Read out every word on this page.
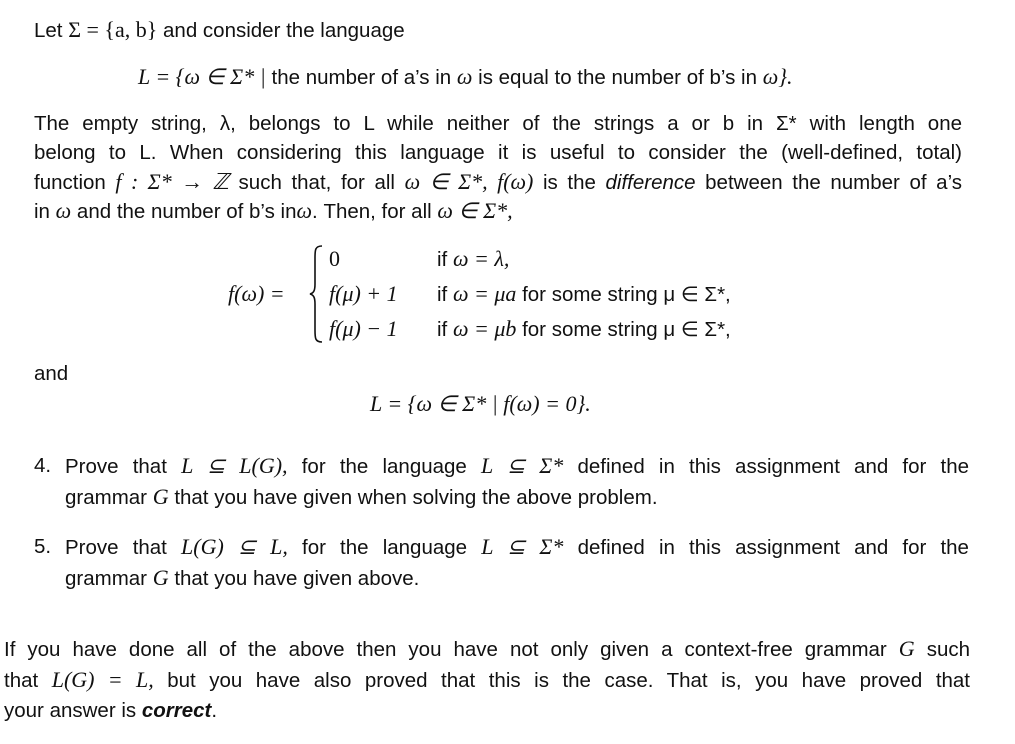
Let Σ = {a, b} and consider the language
L = {ω ∈ Σ* | the number of a’s in ω is equal to the number of b’s in ω}.
The empty string, λ, belongs to L while neither of the strings a or b in Σ* with length one
belong to L. When considering this language it is useful to consider the (well-defined, total)
function f : Σ* → ℤ such that, for all ω ∈ Σ*, f(ω) is the difference between the number of a’s
in ω and the number of b’s inω. Then, for all ω ∈ Σ*,
f(ω) =
0	if ω = λ,
f(μ) + 1 if ω = μa for some string μ ∈ Σ*,
f(μ) − 1 if ω = μb for some string μ ∈ Σ*,
and
L = {ω ∈ Σ* | f(ω) = 0}.
4. Prove that L ⊆ L(G), for the language L ⊆ Σ* defined in this assignment and for the
grammar G that you have given when solving the above problem.
5. Prove that L(G) ⊆ L, for the language L ⊆ Σ* defined in this assignment and for the
grammar G that you have given above.
If you have done all of the above then you have not only given a context-free grammar G such
that L(G) = L, but you have also proved that this is the case. That is, you have proved that
your answer is correct.
